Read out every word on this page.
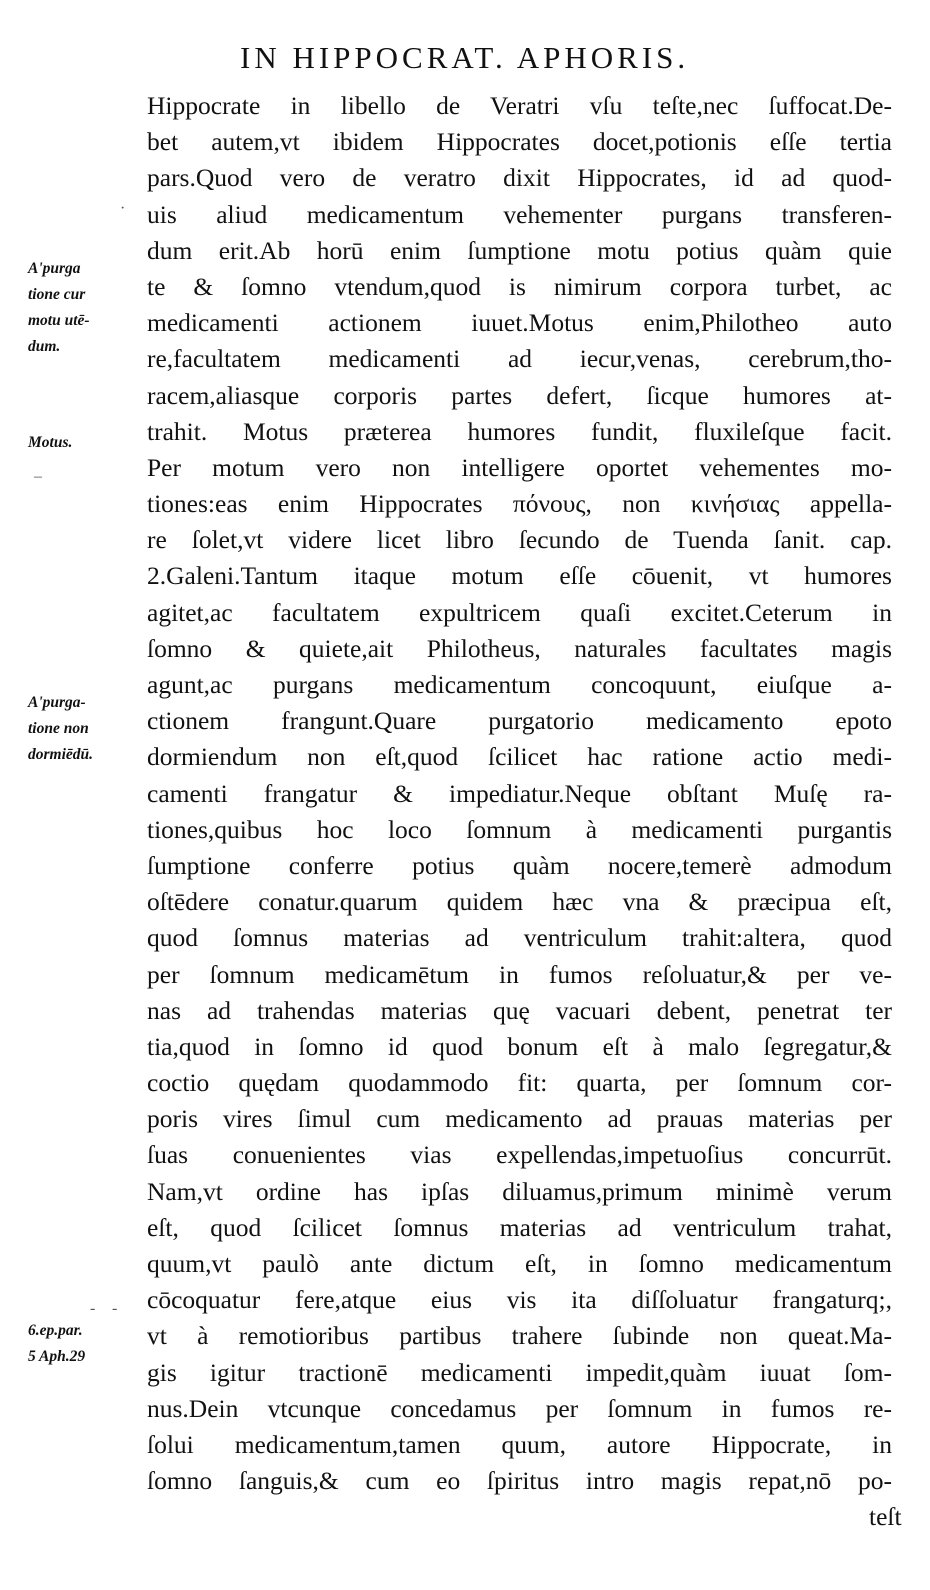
IN HIPPOCRAT. APHORIS.
Hippocrate in libello de Veratri vſu teſte,nec ſuffocat.De-
bet autem,vt ibidem Hippocrates docet,potionis eſſe tertia
pars.Quod vero de veratro dixit Hippocrates, id ad quod-
uis aliud medicamentum vehementer purgans transferen-
dum erit.Ab horū enim ſumptione motu potius quàm quie
te & ſomno vtendum,quod is nimirum corpora turbet, ac
medicamenti actionem iuuet.Motus enim,Philotheo auto
re,facultatem medicamenti ad iecur,venas, cerebrum,tho-
racem,aliasque corporis partes defert, ſicque humores at-
trahit. Motus præterea humores fundit, fluxileſque facit.
Per motum vero non intelligere oportet vehementes mo-
tiones:eas enim Hippocrates πόνους, non κινήσιας appella-
re ſolet,vt videre licet libro ſecundo de Tuenda ſanit. cap.
2.Galeni.Tantum itaque motum eſſe cōuenit, vt humores
agitet,ac facultatem expultricem quaſi excitet.Ceterum in
ſomno & quiete,ait Philotheus, naturales facultates magis
agunt,ac purgans medicamentum concoquunt, eiuſque a-
ctionem frangunt.Quare purgatorio medicamento epoto
dormiendum non eſt,quod ſcilicet hac ratione actio medi-
camenti frangatur & impediatur.Neque obſtant Muſę ra-
tiones,quibus hoc loco ſomnum à medicamenti purgantis
ſumptione conferre potius quàm nocere,temerè admodum
oſtēdere conatur.quarum quidem hæc vna & præcipua eſt,
quod ſomnus materias ad ventriculum trahit:altera, quod
per ſomnum medicamētum in fumos reſoluatur,& per ve-
nas ad trahendas materias quę vacuari debent, penetrat ter
tia,quod in ſomno id quod bonum eſt à malo ſegregatur,&
coctio quędam quodammodo fit: quarta, per ſomnum cor-
poris vires ſimul cum medicamento ad prauas materias per
ſuas conuenientes vias expellendas,impetuoſius concurrūt.
Nam,vt ordine has ipſas diluamus,primum minimè verum
eſt, quod ſcilicet ſomnus materias ad ventriculum trahat,
quum,vt paulò ante dictum eſt, in ſomno medicamentum
cōcoquatur fere,atque eius vis ita diſſoluatur frangaturq;,
vt à remotioribus partibus trahere ſubinde non queat.Ma-
gis igitur tractionē medicamenti impedit,quàm iuuat ſom-
nus.Dein vtcunque concedamus per ſomnum in fumos re-
ſolui medicamentum,tamen quum, autore Hippocrate, in
ſomno ſanguis,& cum eo ſpiritus intro magis repat,nō po-
teſt
A'purga
tione cur
motu utē-
dum.
Motus.
A'purga-
tione non
dormiēdū.
6.ep.par.
5 Aph.29
·
–
- -
